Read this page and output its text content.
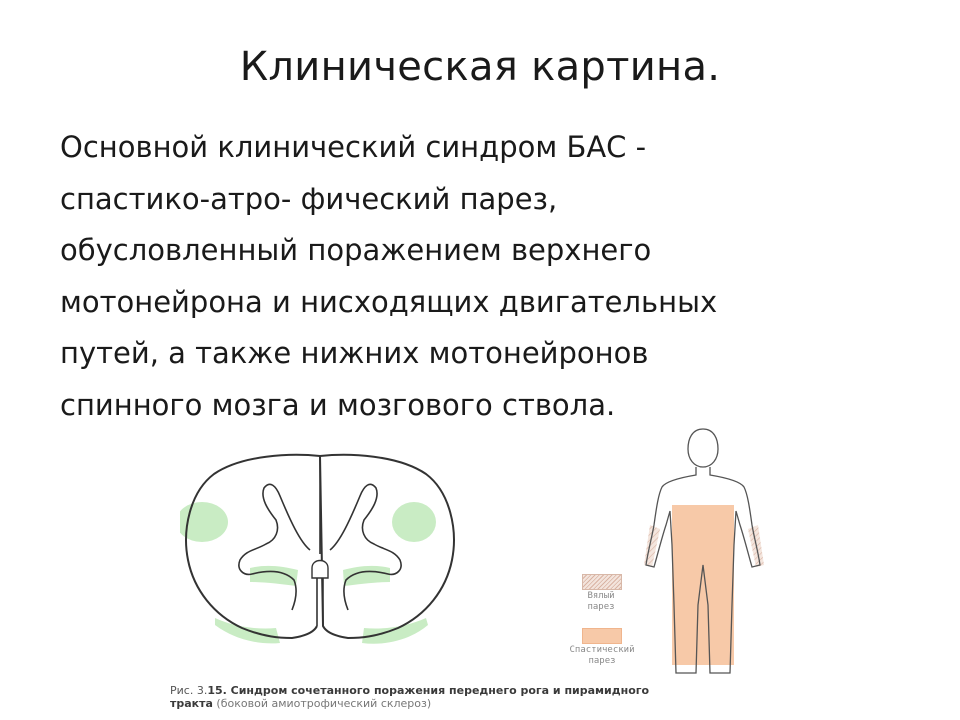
Клиническая картина.
Основной клинический синдром БАС -
спастико-атро- фический парез,
обусловленный поражением верхнего
мотонейрона и нисходящих двигательных
путей, а также нижних мотонейронов
спинного мозга и мозгового ствола.
Вялый
парез
Спастический
парез
Рис. 3.15. Синдром сочетанного поражения переднего рога и пирамидного
тракта (боковой амиотрофический склероз)
